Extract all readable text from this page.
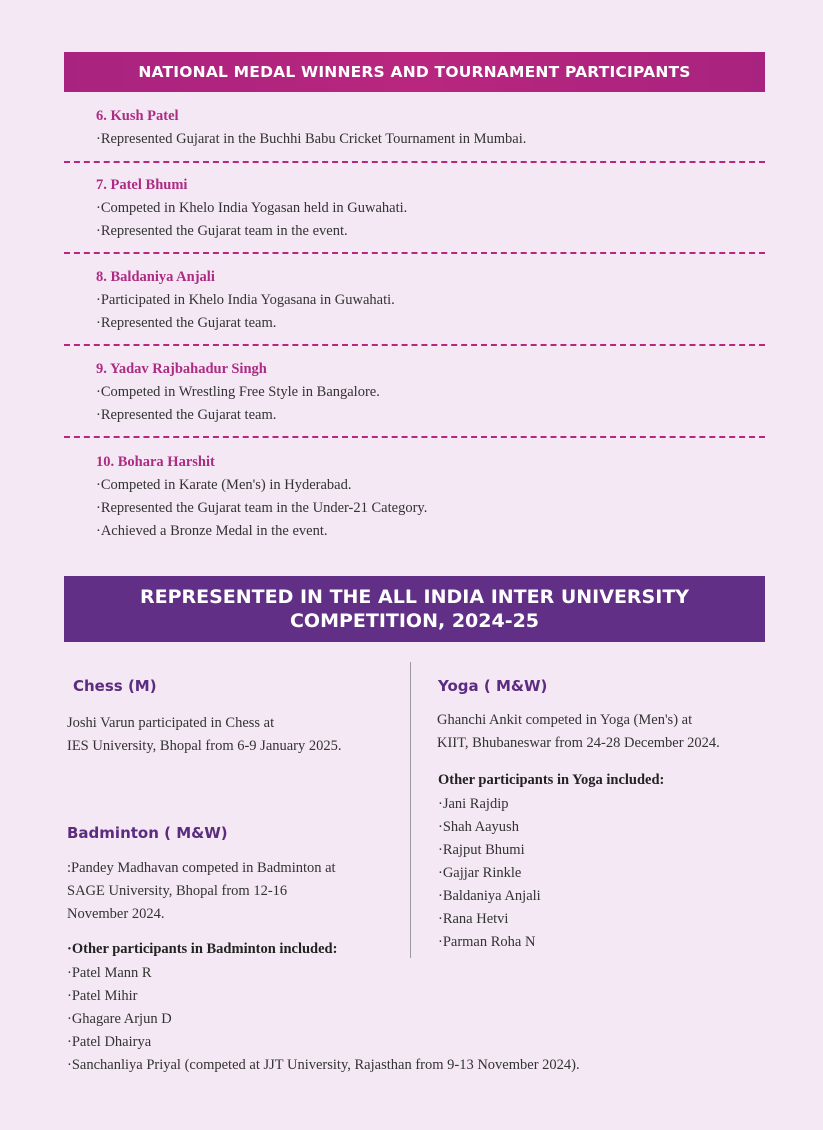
NATIONAL MEDAL WINNERS AND TOURNAMENT PARTICIPANTS
6. Kush Patel
·Represented Gujarat in the Buchhi Babu Cricket Tournament in Mumbai.
7. Patel Bhumi
·Competed in Khelo India Yogasan held in Guwahati.
·Represented the Gujarat team in the event.
8. Baldaniya Anjali
·Participated in Khelo India Yogasana in Guwahati.
·Represented the Gujarat team.
9. Yadav Rajbahadur Singh
·Competed in Wrestling Free Style in Bangalore.
·Represented the Gujarat team.
10. Bohara Harshit
·Competed in Karate (Men's) in Hyderabad.
·Represented the Gujarat team in the Under-21 Category.
·Achieved a Bronze Medal in the event.
REPRESENTED IN THE ALL INDIA INTER UNIVERSITY
COMPETITION, 2024-25
Chess (M)
Joshi Varun participated in Chess at
IES University, Bhopal from 6-9 January 2025.
Badminton ( M&W)
:Pandey Madhavan competed in Badminton at
SAGE University, Bhopal from 12-16
November 2024.
·Other participants in Badminton included:
·Patel Mann R
·Patel Mihir
·Ghagare Arjun D
·Patel Dhairya
·Sanchanliya Priyal (competed at JJT University, Rajasthan from 9-13 November 2024).
Yoga ( M&W)
Ghanchi Ankit competed in Yoga (Men's) at
KIIT, Bhubaneswar from 24-28 December 2024.
Other participants in Yoga included:
·Jani Rajdip
·Shah Aayush
·Rajput Bhumi
·Gajjar Rinkle
·Baldaniya Anjali
·Rana Hetvi
·Parman Roha N
